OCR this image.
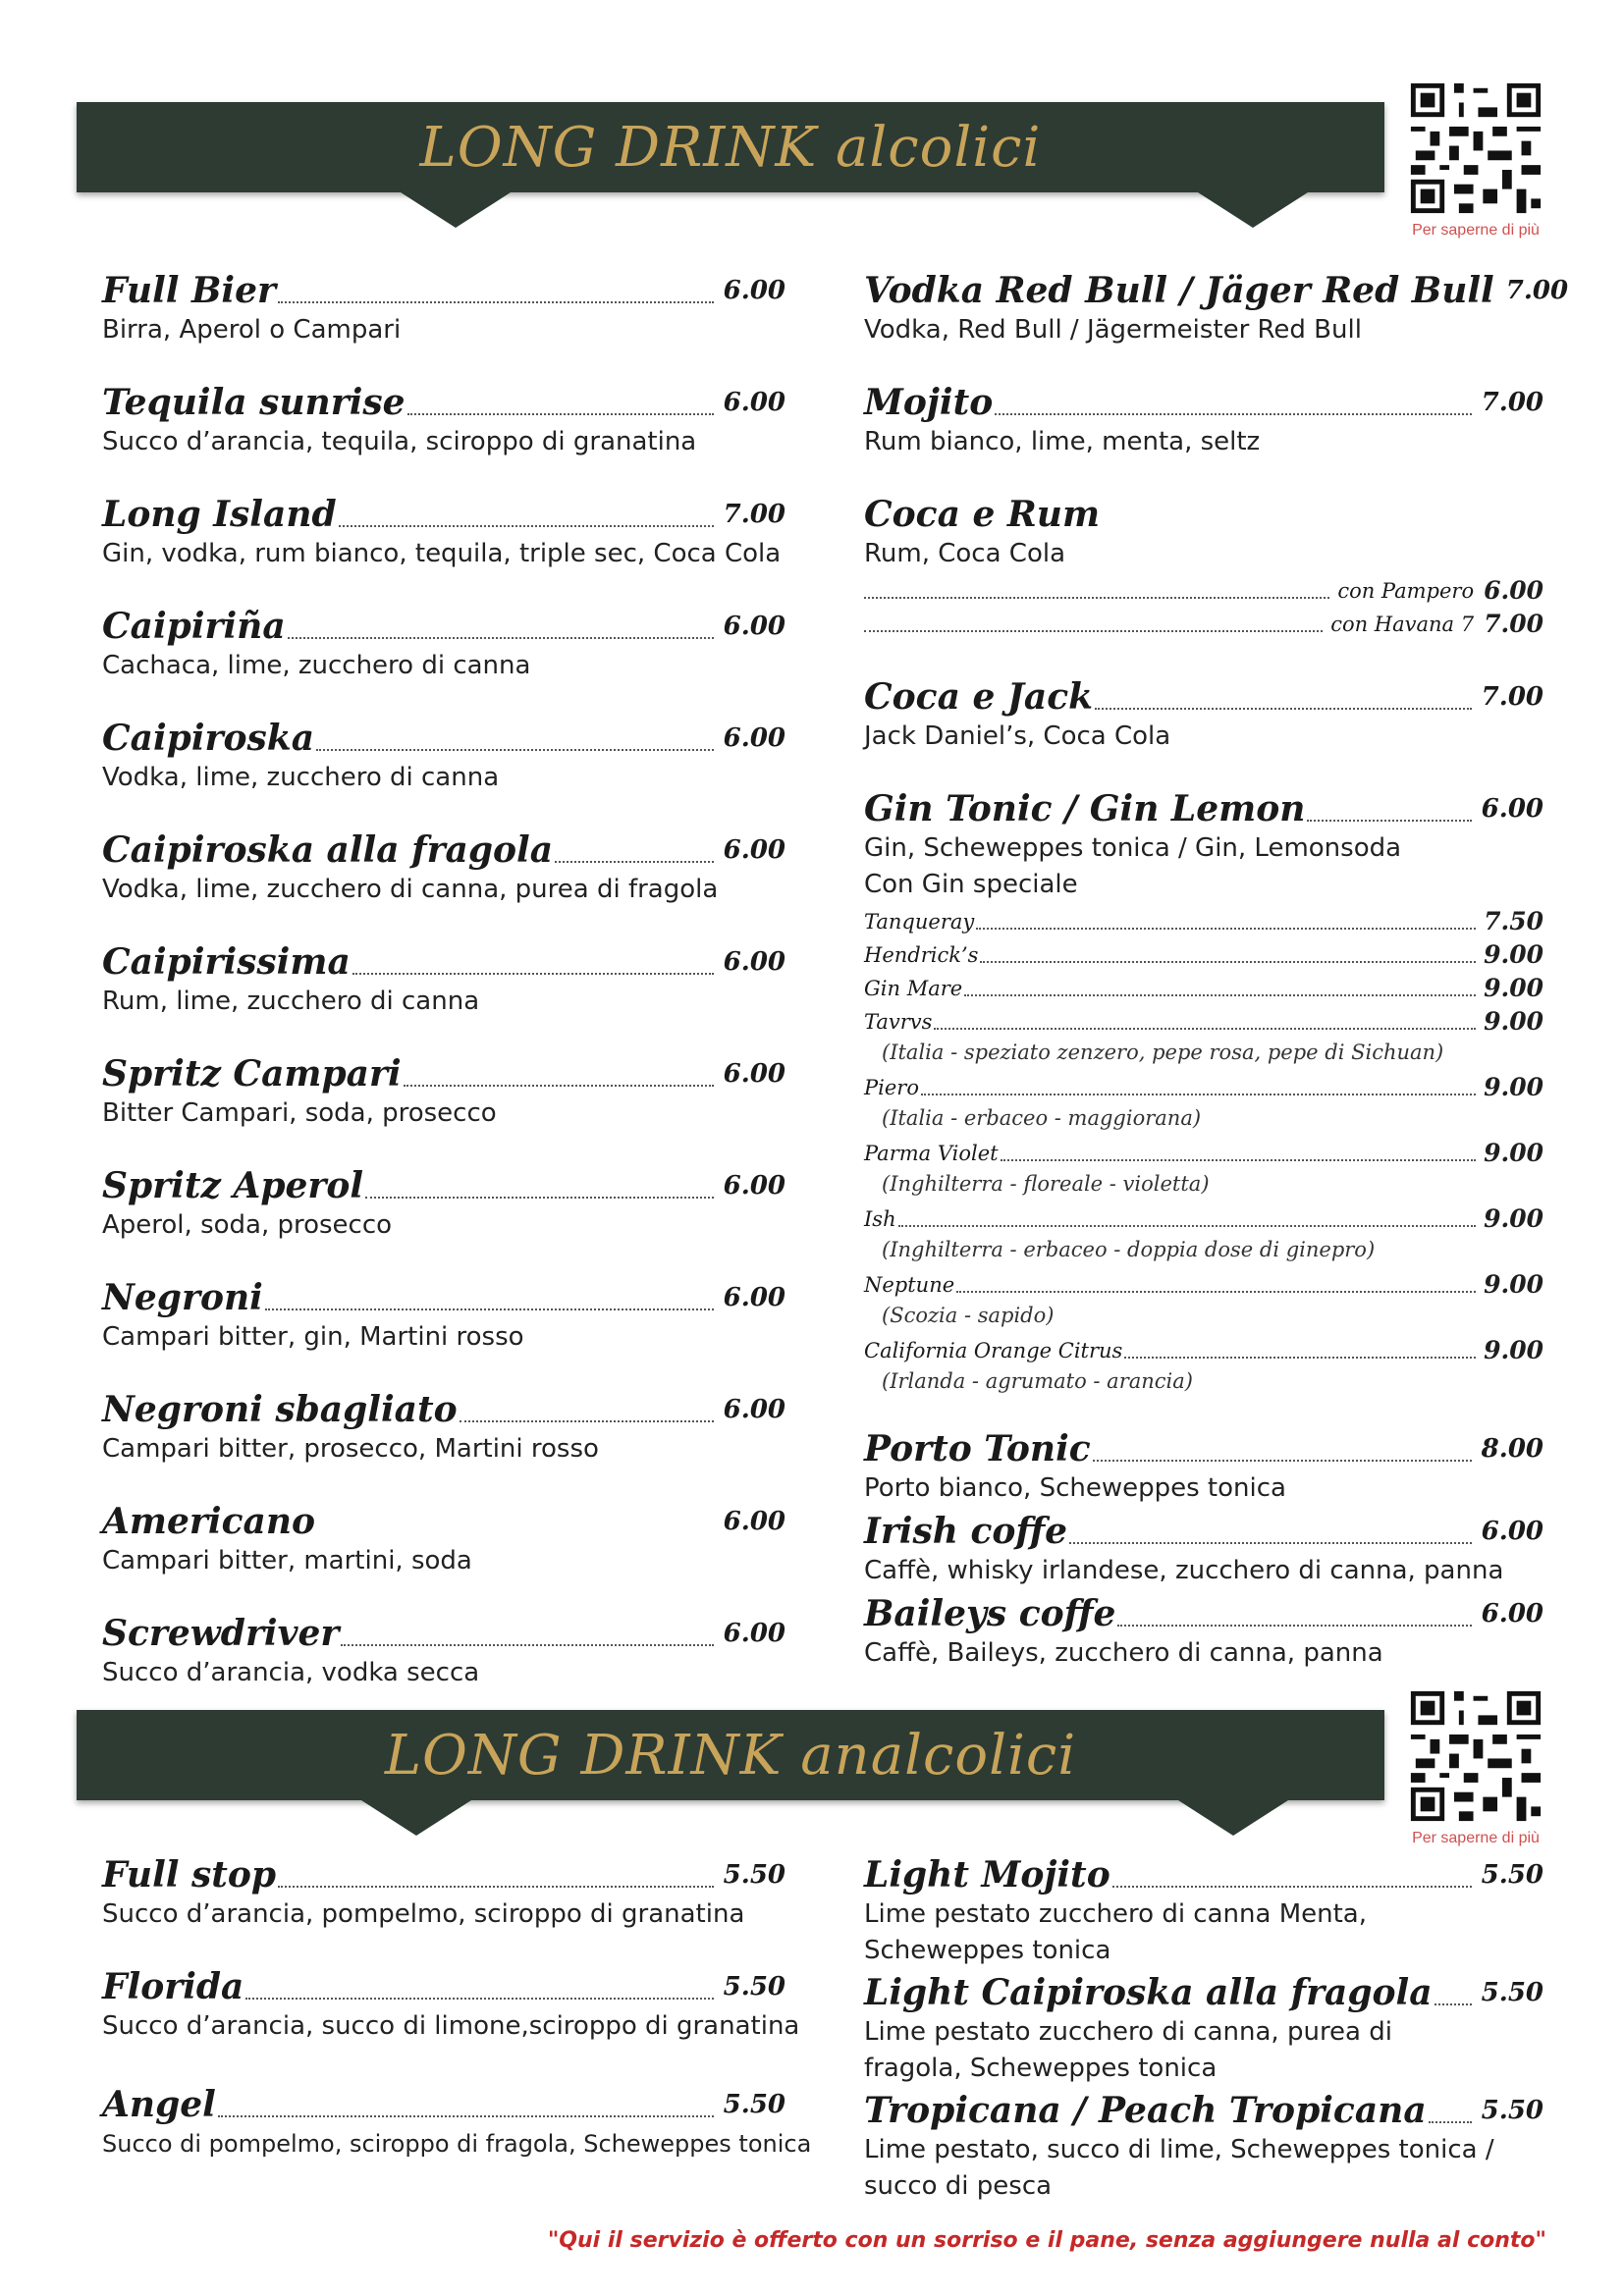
LONG DRINK alcolici
Per saperne di più
Full Bier	6.00
Birra, Aperol o Campari
Tequila sunrise	6.00
Succo d’arancia, tequila, sciroppo di granatina
Long Island	7.00
Gin, vodka, rum bianco, tequila, triple sec, Coca Cola
Caipiriña	6.00
Cachaca, lime, zucchero di canna
Caipiroska	6.00
Vodka, lime, zucchero di canna
Caipiroska alla fragola	6.00
Vodka, lime, zucchero di canna, purea di fragola
Caipirissima	6.00
Rum, lime, zucchero di canna
Spritz Campari	6.00
Bitter Campari, soda, prosecco
Spritz Aperol	6.00
Aperol, soda, prosecco
Negroni	6.00
Campari bitter, gin, Martini rosso
Negroni sbagliato	6.00
Campari bitter, prosecco, Martini rosso
Americano	6.00
Campari bitter, martini, soda
Screwdriver	6.00
Succo d’arancia, vodka secca
Vodka Red Bull / Jäger Red Bull 7.00
Vodka, Red Bull / Jägermeister Red Bull
Mojito	7.00
Rum bianco, lime, menta, seltz
Coca e Rum
Rum, Coca Cola
con Pampero 6.00
con Havana 7 7.00
Coca e Jack	7.00
Jack Daniel’s, Coca Cola
Gin Tonic / Gin Lemon	6.00
Gin, Scheweppes tonica / Gin, Lemonsoda
Con Gin speciale
Tanqueray	7.50
Hendrick’s	9.00
Gin Mare	9.00
Tavrvs	9.00
(Italia - speziato zenzero, pepe rosa, pepe di Sichuan)
Piero	9.00
(Italia - erbaceo - maggiorana)
Parma Violet	9.00
(Inghilterra - floreale - violetta)
Ish	9.00
(Inghilterra - erbaceo - doppia dose di ginepro)
Neptune	9.00
(Scozia - sapido)
California Orange Citrus	9.00
(Irlanda - agrumato - arancia)
Porto Tonic	8.00
Porto bianco, Scheweppes tonica
Irish coffe	6.00
Caffè, whisky irlandese, zucchero di canna, panna
Baileys coffe	6.00
Caffè, Baileys, zucchero di canna, panna
LONG DRINK analcolici
Per saperne di più
Full stop	5.50
Succo d’arancia, pompelmo, sciroppo di granatina
Florida	5.50
Succo d’arancia, succo di limone,sciroppo di granatina
Angel	5.50
Succo di pompelmo, sciroppo di fragola, Scheweppes tonica
Light Mojito	5.50
Lime pestato zucchero di canna Menta, Scheweppes tonica
Light Caipiroska alla fragola 5.50
Lime pestato zucchero di canna, purea di fragola, Scheweppes tonica
Tropicana / Peach Tropicana 5.50
Lime pestato, succo di lime, Scheweppes tonica / succo di pesca
"Qui il servizio è offerto con un sorriso e il pane, senza aggiungere nulla al conto"
